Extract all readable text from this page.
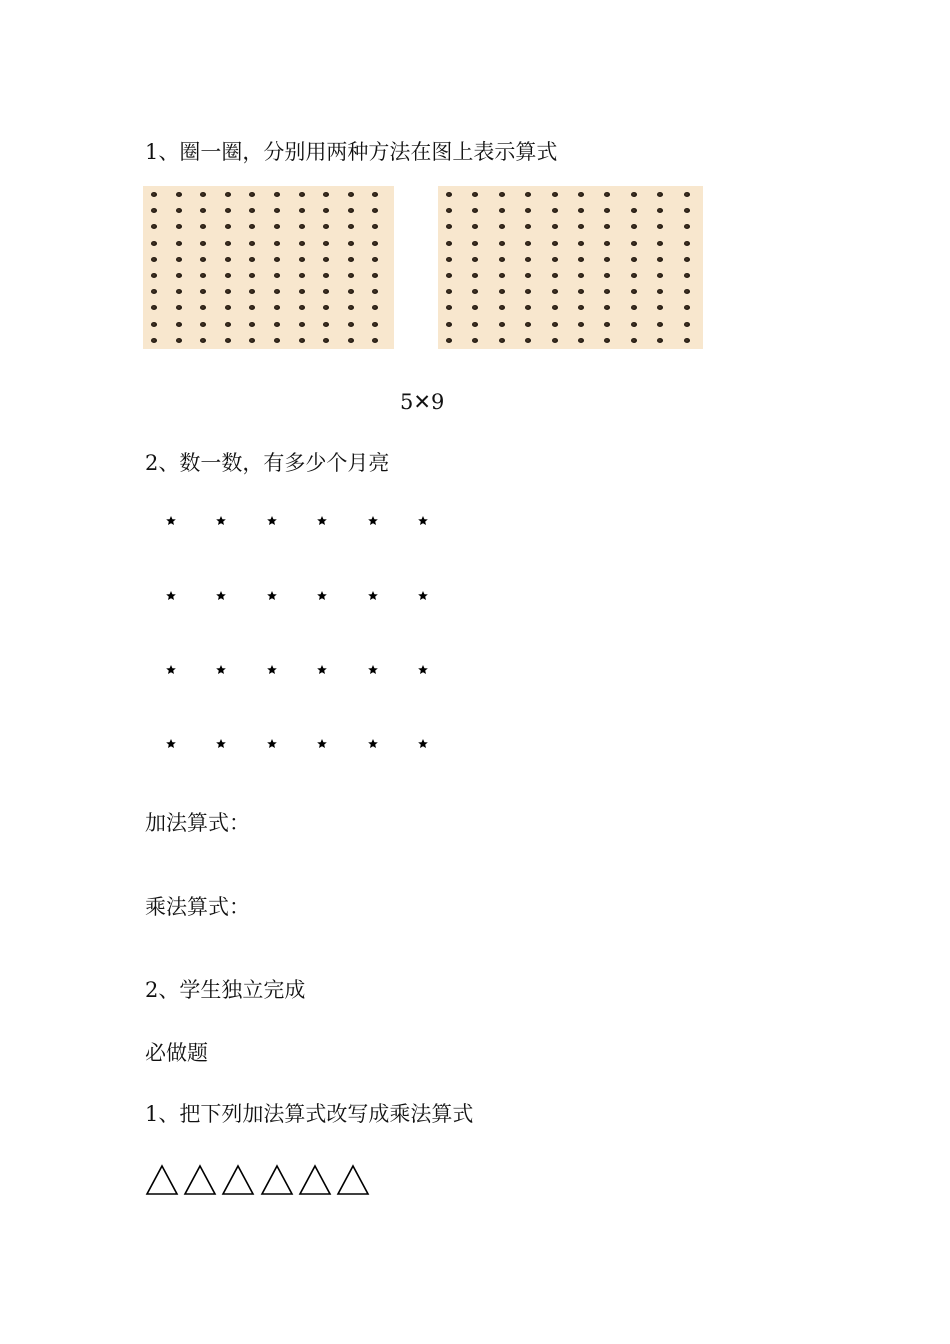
1、圈一圈，分别用两种方法在图上表示算式
5✕9
2、数一数，有多少个月亮
加法算式：
乘法算式：
2、学生独立完成
必做题
1、把下列加法算式改写成乘法算式
